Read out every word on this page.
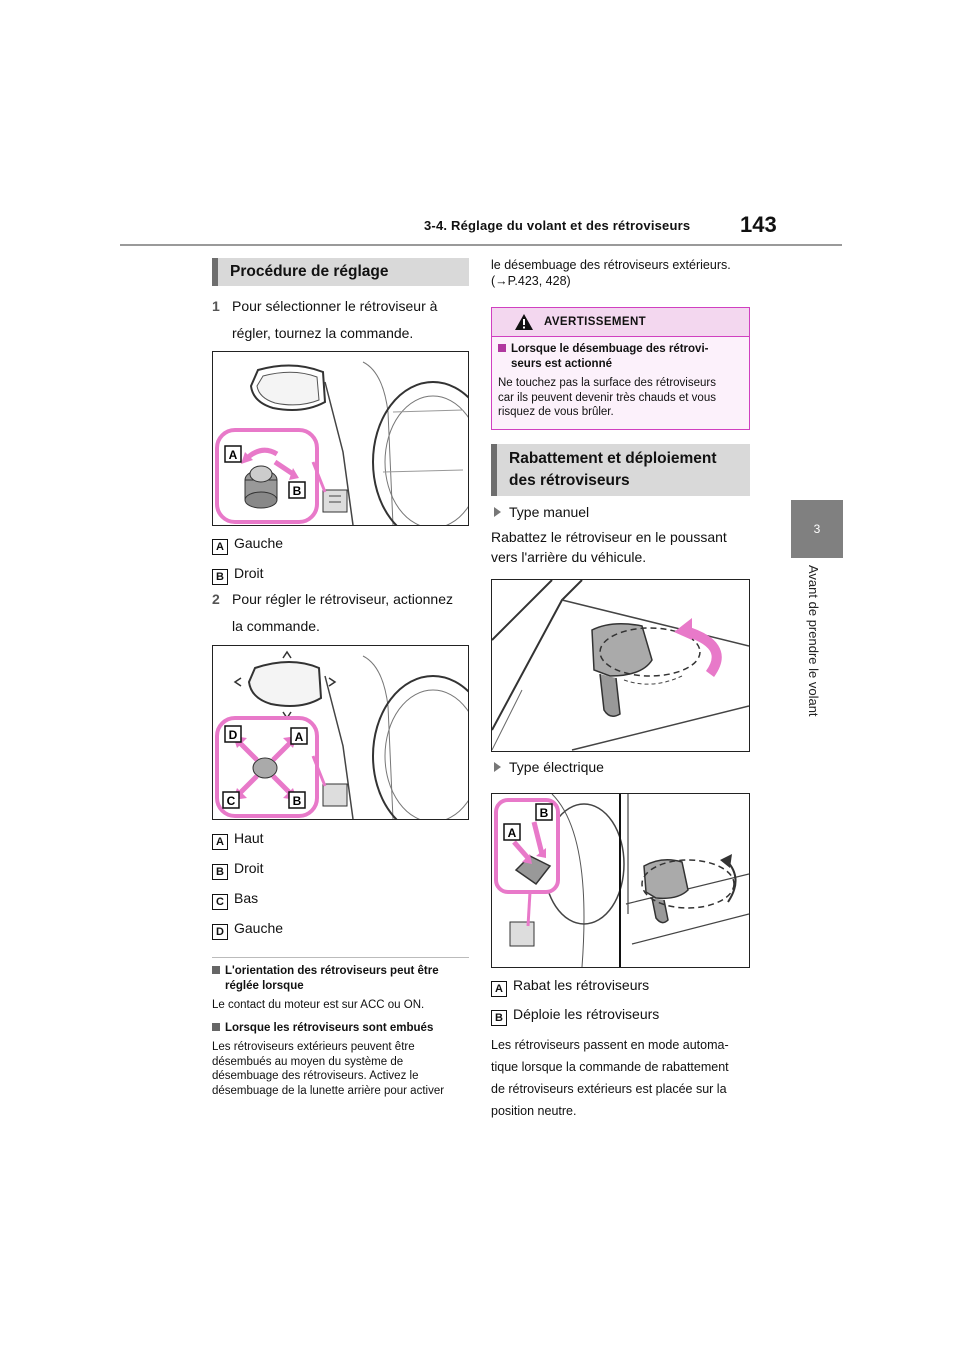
3-4. Réglage du volant et des rétroviseurs 143
3
Avant de prendre le volant
Procédure de réglage
1 Pour sélectionner le rétroviseur à
régler, tournez la commande.
A
B
A Gauche
B Droit
2 Pour régler le rétroviseur, actionnez
la commande.
D	A
C	B
A Haut
B Droit
C Bas
D Gauche
L'orientation des rétroviseurs peut être
réglée lorsque
Le contact du moteur est sur ACC ou ON.
Lorsque les rétroviseurs sont embués
Les rétroviseurs extérieurs peuvent être
désembués au moyen du système de
désembuage des rétroviseurs. Activez le
désembuage de la lunette arrière pour activer
le désembuage des rétroviseurs extérieurs.
(→P.423, 428)
AVERTISSEMENT
Lorsque le désembuage des rétrovi-
seurs est actionné
Ne touchez pas la surface des rétroviseurs
car ils peuvent devenir très chauds et vous
risquez de vous brûler.
Rabattement et déploiement
des rétroviseurs
Type manuel
Rabattez le rétroviseur en le poussant
vers l'arrière du véhicule.
Type électrique
B
A
A Rabat les rétroviseurs
B Déploie les rétroviseurs
Les rétroviseurs passent en mode automa-
tique lorsque la commande de rabattement
de rétroviseurs extérieurs est placée sur la
position neutre.
